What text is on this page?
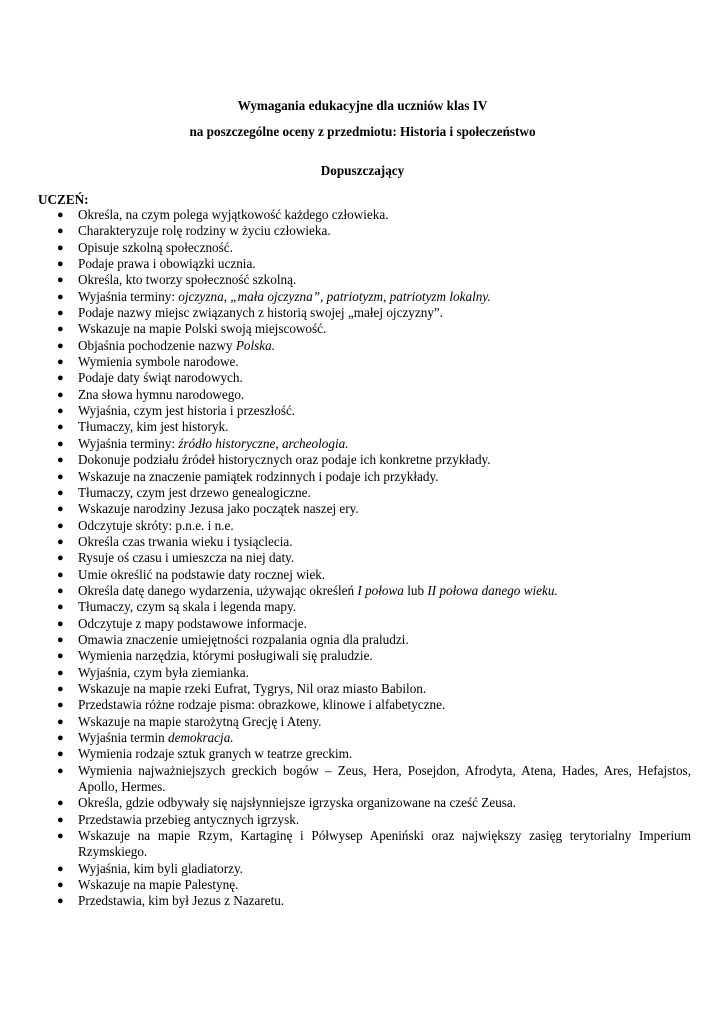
Wymagania edukacyjne dla uczniów klas IV
na poszczególne oceny z przedmiotu: Historia i społeczeństwo
Dopuszczający
UCZEŃ:
● Określa, na czym polega wyjątkowość każdego człowieka.
● Charakteryzuje rolę rodziny w życiu człowieka.
● Opisuje szkolną społeczność.
● Podaje prawa i obowiązki ucznia.
● Określa, kto tworzy społeczność szkolną.
● Wyjaśnia terminy: ojczyzna, „mała ojczyzna”, patriotyzm, patriotyzm lokalny.
● Podaje nazwy miejsc związanych z historią swojej „małej ojczyzny”.
● Wskazuje na mapie Polski swoją miejscowość.
● Objaśnia pochodzenie nazwy Polska.
● Wymienia symbole narodowe.
● Podaje daty świąt narodowych.
● Zna słowa hymnu narodowego.
● Wyjaśnia, czym jest historia i przeszłość.
● Tłumaczy, kim jest historyk.
● Wyjaśnia terminy: źródło historyczne, archeologia.
● Dokonuje podziału źródeł historycznych oraz podaje ich konkretne przykłady.
● Wskazuje na znaczenie pamiątek rodzinnych i podaje ich przykłady.
● Tłumaczy, czym jest drzewo genealogiczne.
● Wskazuje narodziny Jezusa jako początek naszej ery.
● Odczytuje skróty: p.n.e. i n.e.
● Określa czas trwania wieku i tysiąclecia.
● Rysuje oś czasu i umieszcza na niej daty.
● Umie określić na podstawie daty rocznej wiek.
● Określa datę danego wydarzenia, używając określeń I połowa lub II połowa danego wieku.
● Tłumaczy, czym są skala i legenda mapy.
● Odczytuje z mapy podstawowe informacje.
● Omawia znaczenie umiejętności rozpalania ognia dla praludzi.
● Wymienia narzędzia, którymi posługiwali się praludzie.
● Wyjaśnia, czym była ziemianka.
● Wskazuje na mapie rzeki Eufrat, Tygrys, Nil oraz miasto Babilon.
● Przedstawia różne rodzaje pisma: obrazkowe, klinowe i alfabetyczne.
● Wskazuje na mapie starożytną Grecję i Ateny.
● Wyjaśnia termin demokracja.
● Wymienia rodzaje sztuk granych w teatrze greckim.
● Wymienia najważniejszych greckich bogów – Zeus, Hera, Posejdon, Afrodyta, Atena, Hades, Ares, Hefajstos, Apollo, Hermes.
● Określa, gdzie odbywały się najsłynniejsze igrzyska organizowane na cześć Zeusa.
● Przedstawia przebieg antycznych igrzysk.
● Wskazuje na mapie Rzym, Kartaginę i Półwysep Apeniński oraz największy zasięg terytorialny Imperium Rzymskiego.
● Wyjaśnia, kim byli gladiatorzy.
● Wskazuje na mapie Palestynę.
● Przedstawia, kim był Jezus z Nazaretu.
